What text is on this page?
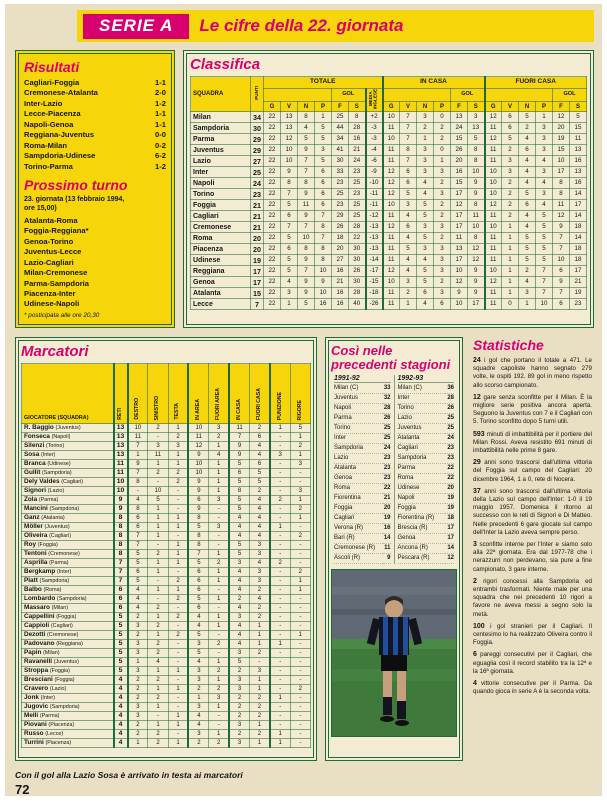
SERIE A	Le cifre della 22. giornata
Risultati
Cagliari-Foggia	1-1
Cremonese-Atalanta	2-0
Inter-Lazio	1-2
Lecce-Piacenza	1-1
Napoli-Genoa	1-1
Reggiana-Juventus	0-0
Roma-Milan	0-2
Sampdoria-Udinese	6-2
Torino-Parma	1-2
Prossimo turno
23. giornata (13 febbraio 1994, ore 15,00)
Atalanta-Roma
Foggia-Reggiana*
Genoa-Torino
Juventus-Lecce
Lazio-Cagliari
Milan-Cremonese
Parma-Sampdoria
Piacenza-Inter
Udinese-Napoli
* posticipata alle ore 20,30
Classifica
SQUADRA	PUNTI	TOTALE							IN CASA						FUORI CASA					
						GOL		MEDIA INGLESE					GOL						GOL	
		G	V	N	P	F	S		G	V	N	P	F	S	G	V	N	P	F	S
Milan	34	22	13	8	1	25	8	+2	10	7	3	0	13	3	12	6	5	1	12	5
Sampdoria	30	22	13	4	5	44	28	-3	11	7	2	2	24	13	11	6	2	3	20	15
Parma	29	22	12	5	5	34	16	-3	10	7	1	2	15	5	12	5	4	3	19	11
Juventus	29	22	10	9	3	41	21	-4	11	8	3	0	26	8	11	2	6	3	15	13
Lazio	27	22	10	7	5	30	24	-6	11	7	3	1	20	8	11	3	4	4	10	16
Inter	25	22	9	7	6	33	23	-9	12	6	3	3	16	10	10	3	4	3	17	13
Napoli	24	22	8	8	6	23	25	-10	12	6	4	2	15	9	10	2	4	4	8	16
Torino	23	22	7	9	6	25	23	-11	12	5	4	3	17	9	10	2	5	3	8	14
Foggia	21	22	5	11	6	23	25	-11	10	3	5	2	12	8	12	2	6	4	11	17
Cagliari	21	22	6	9	7	29	25	-12	11	4	5	2	17	11	11	2	4	5	12	14
Cremonese	21	22	7	7	8	26	28	-13	12	6	3	3	17	10	10	1	4	5	9	18
Roma	20	22	5	10	7	18	22	-13	11	4	5	2	11	8	11	1	5	5	7	14
Piacenza	20	22	6	8	8	20	30	-13	11	5	3	3	13	12	11	1	5	5	7	18
Udinese	19	22	5	9	8	27	30	-14	11	4	4	3	17	12	11	1	5	5	10	18
Reggiana	17	22	5	7	10	16	26	-17	12	4	5	3	10	9	10	1	2	7	6	17
Genoa	17	22	4	9	9	21	30	-15	10	3	5	2	12	9	12	1	4	7	9	21
Atalanta	15	22	3	9	10	16	28	-18	11	2	6	3	9	9	11	1	3	7	7	19
Lecce	7	22	1	5	16	16	40	-26	11	1	4	6	10	17	11	0	1	10	6	23
Marcatori
GIOCATORE (SQUADRA)	RETI	DESTRO	SINISTRO	TESTA	IN AREA	FUORI AREA	IN CASA	FUORI CASA	PUNIZIONE	RIGORE
R. Baggio (Juventus)	13	10	2	1	10	3	11	2	1	5
Fonseca (Napoli)	13	11	-	2	11	2	7	6	-	1
Silenzi (Torino)	13	7	3	3	12	1	9	4	-	2
Sosa (Inter)	13	1	11	1	9	4	9	4	3	1
Branca (Udinese)	11	9	1	1	10	1	5	6	-	3
Gullit (Sampdoria)	11	7	2	2	10	1	6	5	-	-
Dely Valdes (Cagliari)	10	8	-	2	9	1	5	5	-	-
Signori (Lazio)	10	-	10	-	9	1	8	2	-	3
Zola (Parma)	9	4	5	-	6	3	5	4	2	1
Mancini (Sampdoria)	9	8	1	-	9	-	5	4	-	2
Ganz (Atalanta)	8	6	1	1	8	-	4	4	-	1
Möller (Juventus)	8	6	1	1	5	3	4	4	1	-
Oliveira (Cagliari)	8	7	1	-	8	-	4	4	-	2
Roy (Foggia)	8	7	-	1	8	-	5	3	-	-
Tentoni (Cremonese)	8	5	2	1	7	1	5	3	-	-
Asprilla (Parma)	7	5	1	1	5	2	3	4	2	-
Bergkamp (Inter)	7	6	1	-	6	1	4	3	-	2
Platt (Sampdoria)	7	5	-	2	6	1	4	3	-	1
Balbo (Roma)	6	4	1	1	6	-	4	2	-	1
Lombardo (Sampdoria)	6	4	-	2	5	1	2	4	-	-
Massaro (Milan)	6	4	2	-	6	-	4	2	-	-
Cappellini (Foggia)	5	2	1	2	4	1	3	2	-	-
Cappioli (Cagliari)	5	3	2	-	4	1	4	1	-	-
Dezotti (Cremonese)	5	2	1	2	5	-	4	1	-	1
Padovano (Reggiana)	5	3	2	-	3	2	4	1	1	-
Papin (Milan)	5	3	2	-	5	-	3	2	-	-
Ravanelli (Juventus)	5	1	4	-	4	1	5	-	-	-
Stroppa (Foggia)	5	3	1	1	3	2	2	3	-	-
Bresciani (Foggia)	4	2	2	-	3	1	3	1	-	-
Cravero (Lazio)	4	2	1	1	2	2	3	1	-	2
Jonk (Inter)	4	2	2	-	1	3	2	2	1	-
Jugovic (Sampdoria)	4	3	1	-	3	1	2	2	-	-
Melli (Parma)	4	3	-	1	4	-	2	2	-	-
Piovani (Piacenza)	4	2	1	1	4	-	3	1	-	-
Russo (Lecce)	4	2	2	-	3	1	2	2	1	-
Turrini (Piacenza)	4	1	2	1	2	2	3	1	1	-
Così nelle precedenti stagioni
1991-92
Milan (C)	33
Juventus	32
Napoli	28
Parma	26
Torino	25
Inter	25
Sampdoria	24
Lazio	23
Atalanta	23
Genoa	23
Roma	22
Fiorentina	21
Foggia	20
Cagliari	19
Verona (R)	16
Bari (R)	14
Cremonese (R)	11
Ascoli (R)	9
1992-93
Milan (C)	36
Inter	28
Torino	26
Lazio	25
Juventus	25
Atalanta	24
Cagliari	23
Sampdoria	23
Parma	22
Roma	22
Udinese	20
Napoli	19
Foggia	19
Fiorentina (R)	18
Brescia (R)	17
Genoa	17
Ancona (R)	14
Pescara (R)	12
Statistiche

24 i gol che portano il totale a 471. Le squadre capoliste hanno segnato 279 volte, le ospiti 192. 89 gol in meno rispetto allo scorso campionato.

12 gare senza sconfitte per il Milan. È la migliore serie positiva ancora aperta. Seguono la Juventus con 7 e il Cagliari con 5. Torino sconfitto dopo 5 turni utili.

593 minuti di imbattibilità per il portiere del Milan Rossi. Aveva resistito 691 minuti di imbattibilità nelle prime 8 gare.

29 anni sono trascorsi dall'ultima vittoria del Foggia sul campo del Cagliari: 20 dicembre 1964, 1 a 0, rete di Nocera.

37 anni sono trascorsi dall'ultima vittoria della Lazio sul campo dell'Inter: 1-0 il 19 maggio 1957. Domenica il ritorno al successo con le reti di Signori e Di Matteo. Nelle precedenti 6 gare giocate sul campo dell'Inter la Lazio aveva sempre perso.

3 sconfitte interne per l'Inter e siamo solo alla 22ª giornata. Era dal 1977-78 che i nerazzurri non perdevano, sia pure a fine campionato, 3 gare interne.

2 rigori concessi alla Sampdoria ed entrambi trasformati. Niente male per una squadra che nei precedenti 10 rigori a favore ne aveva messi a segno solo la metà.

100 i gol stranieri per il Cagliari. Il centesimo lo ha realizzato Oliveira contro il Foggia.

6 pareggi consecutivi per il Cagliari, che eguaglia così il record stabilito tra la 12ª e la 16ª giornata.

4 vittorie consecutive per il Parma. Da quando gioca in serie A è la seconda volta.

Con il gol alla Lazio Sosa è arrivato in testa ai marcatori
72
